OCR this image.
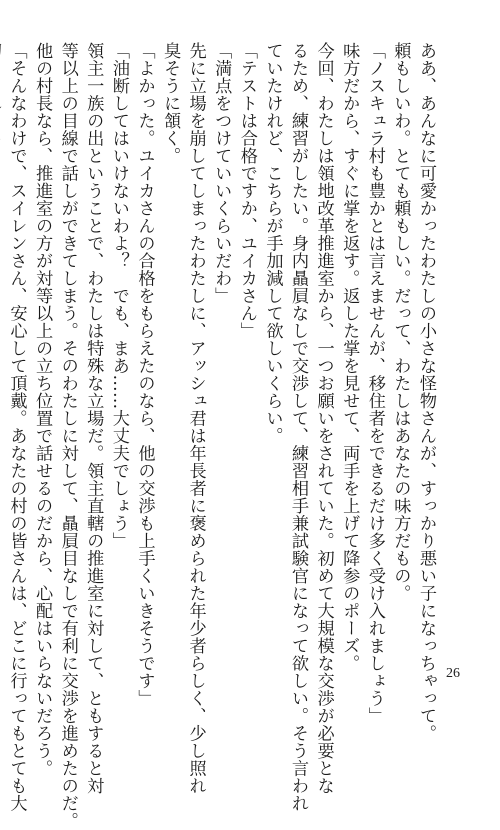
ああ、あんなに可愛かったわたしの小さな怪物さんが、すっかり悪い子になっちゃって。

頼もしいわ。とても頼もしい。だって、わたしはあなたの味方だもの。

「ノスキュラ村も豊かとは言えませんが、移住者をできるだけ多く受け入れましょう」

味方だから、すぐに掌を返す。返した掌を見せて、両手を上げて降参のポーズ。

今回、わたしは領地改革推進室から、一つお願いをされていた。初めて大規模な交渉が必要とな

るため、練習がしたい。身内贔屓なしで交渉して、練習相手兼試験官になって欲しい。そう言われ

ていたけれど、こちらが手加減して欲しいくらい。

「テストは合格ですか、ユイカさん」

「満点をつけていいくらいだわ」

先に立場を崩してしまったわたしに、アッシュ君は年長者に褒められた年少者らしく、少し照れ

臭そうに頷く。

「よかった。ユイカさんの合格をもらえたのなら、他の交渉も上手くいきそうです」

「油断してはいけないわよ？　でも、まあ……大丈夫でしょう」

領主一族の出ということで、わたしは特殊な立場だ。領主直轄の推進室に対して、ともすると対

等以上の目線で話しができてしまう。そのわたしに対して、贔屓目なしで有利に交渉を進めたのだ。

他の村長なら、推進室の方が対等以上の立ち位置で話せるのだから、心配はいらないだろう。

「そんなわけで、スイレンさん、安心して頂戴。あなたの村の皆さんは、どこに行ってもとても大	26
